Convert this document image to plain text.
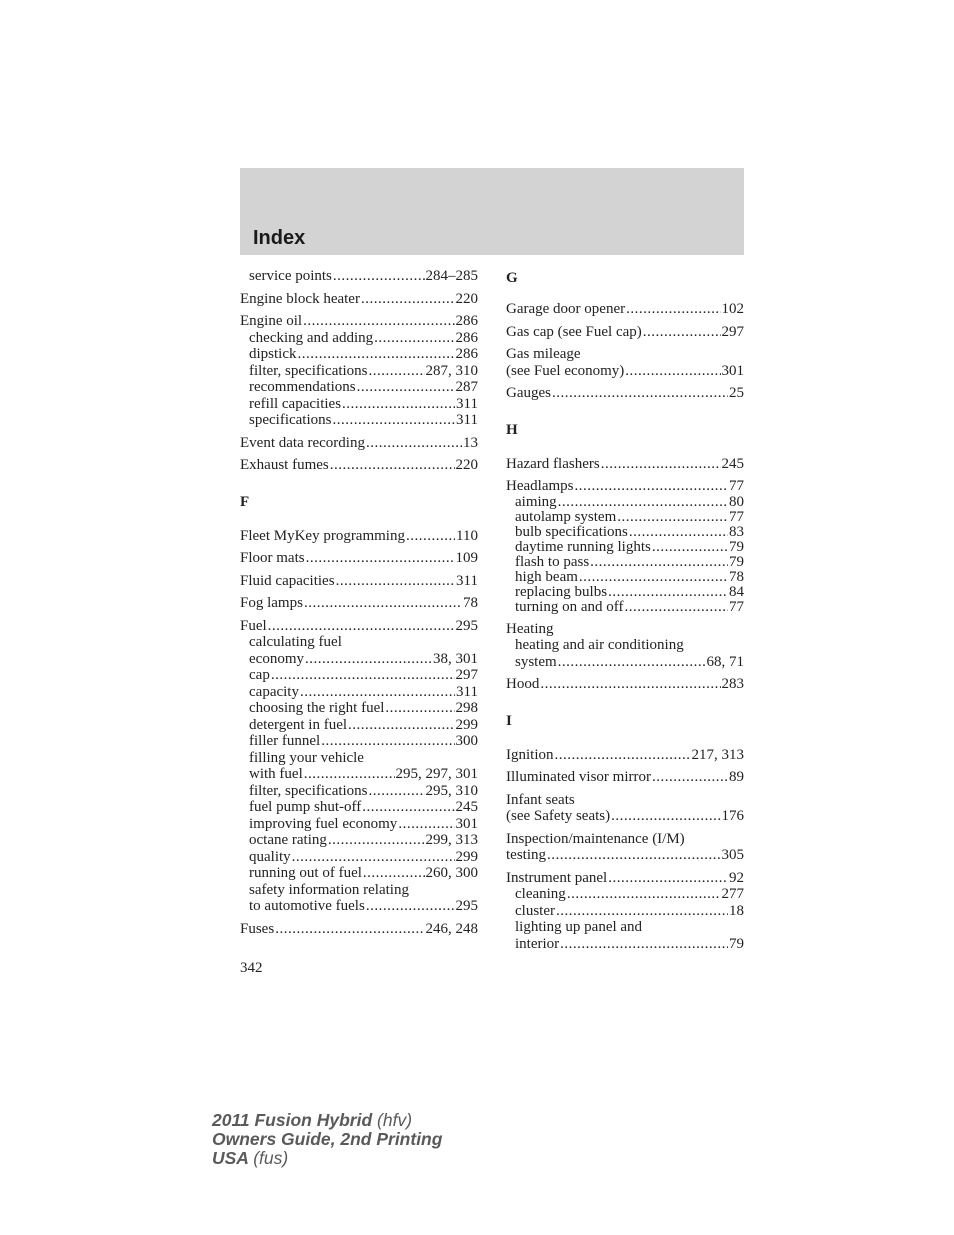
Index
service points .....	284–285
Engine block heater .....	220
Engine oil .....	286
checking and adding .....	286
dipstick .....	286
filter, specifications .....	287, 310
recommendations .....	287
refill capacities .....	311
specifications .....	311
Event data recording .....	13
Exhaust fumes .....	220
F
Fleet MyKey programming .....	110
Floor mats .....	109
Fluid capacities .....	311
Fog lamps .....	78
Fuel .....	295
calculating fuel
economy .....	38, 301
cap .....	297
capacity .....	311
choosing the right fuel .....	298
detergent in fuel .....	299
filler funnel .....	300
filling your vehicle
with fuel .....	295, 297, 301
filter, specifications .....	295, 310
fuel pump shut-off .....	245
improving fuel economy .....	301
octane rating .....	299, 313
quality .....	299
running out of fuel .....	260, 300
safety information relating
to automotive fuels .....	295
Fuses .....	246, 248
G
Garage door opener .....	102
Gas cap (see Fuel cap) .....	297
Gas mileage
(see Fuel economy) .....	301
Gauges .....	25
H
Hazard flashers .....	245
Headlamps .....	77
aiming .....	80
autolamp system .....	77
bulb specifications .....	83
daytime running lights .....	79
flash to pass .....	79
high beam .....	78
replacing bulbs .....	84
turning on and off .....	77
Heating
heating and air conditioning
system .....	68, 71
Hood .....	283
I
Ignition .....	217, 313
Illuminated visor mirror .....	89
Infant seats
(see Safety seats) .....	176
Inspection/maintenance (I/M)
testing .....	305
Instrument panel .....	92
cleaning .....	277
cluster .....	18
lighting up panel and
interior .....	79
342
2011 Fusion Hybrid (hfv)
Owners Guide, 2nd Printing
USA (fus)
